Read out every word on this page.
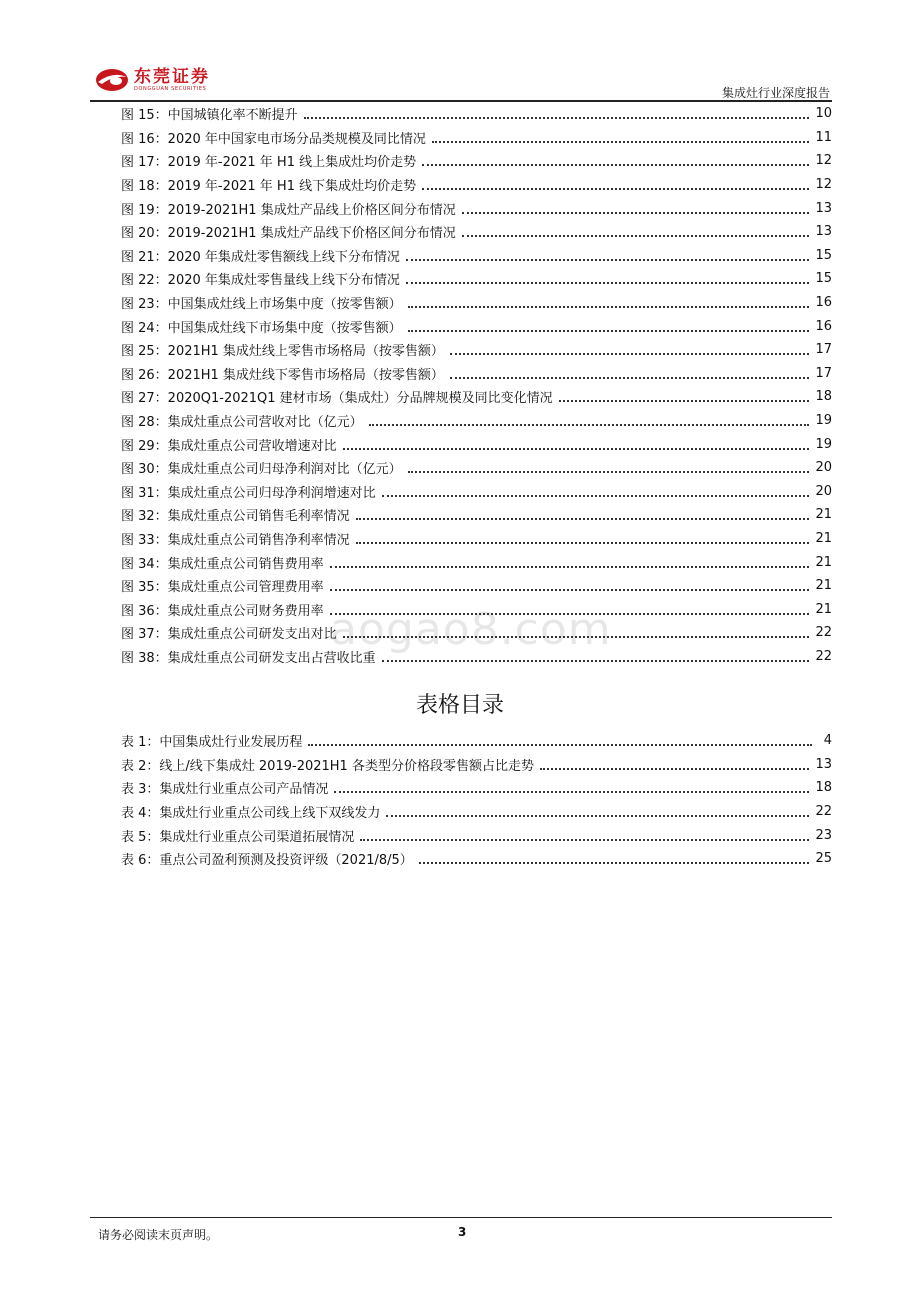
东莞证券
DONGGUAN SECURITIES	集成灶行业深度报告
aogao8.com
图 15：中国城镇化率不断提升	10
图 16：2020 年中国家电市场分品类规模及同比情况	11
图 17：2019 年-2021 年 H1 线上集成灶均价走势	12
图 18：2019 年-2021 年 H1 线下集成灶均价走势	12
图 19：2019-2021H1 集成灶产品线上价格区间分布情况	13
图 20：2019-2021H1 集成灶产品线下价格区间分布情况	13
图 21：2020 年集成灶零售额线上线下分布情况	15
图 22：2020 年集成灶零售量线上线下分布情况	15
图 23：中国集成灶线上市场集中度（按零售额）	16
图 24：中国集成灶线下市场集中度（按零售额）	16
图 25：2021H1 集成灶线上零售市场格局（按零售额）	17
图 26：2021H1 集成灶线下零售市场格局（按零售额）	17
图 27：2020Q1-2021Q1 建材市场（集成灶）分品牌规模及同比变化情况	18
图 28：集成灶重点公司营收对比（亿元）	19
图 29：集成灶重点公司营收增速对比	19
图 30：集成灶重点公司归母净利润对比（亿元）	20
图 31：集成灶重点公司归母净利润增速对比	20
图 32：集成灶重点公司销售毛利率情况	21
图 33：集成灶重点公司销售净利率情况	21
图 34：集成灶重点公司销售费用率	21
图 35：集成灶重点公司管理费用率	21
图 36：集成灶重点公司财务费用率	21
图 37：集成灶重点公司研发支出对比	22
图 38：集成灶重点公司研发支出占营收比重	22
表格目录
表 1：中国集成灶行业发展历程	4
表 2：线上/线下集成灶 2019-2021H1 各类型分价格段零售额占比走势	13
表 3：集成灶行业重点公司产品情况	18
表 4：集成灶行业重点公司线上线下双线发力	22
表 5：集成灶行业重点公司渠道拓展情况	23
表 6：重点公司盈利预测及投资评级（2021/8/5）	25
请务必阅读末页声明。	3
